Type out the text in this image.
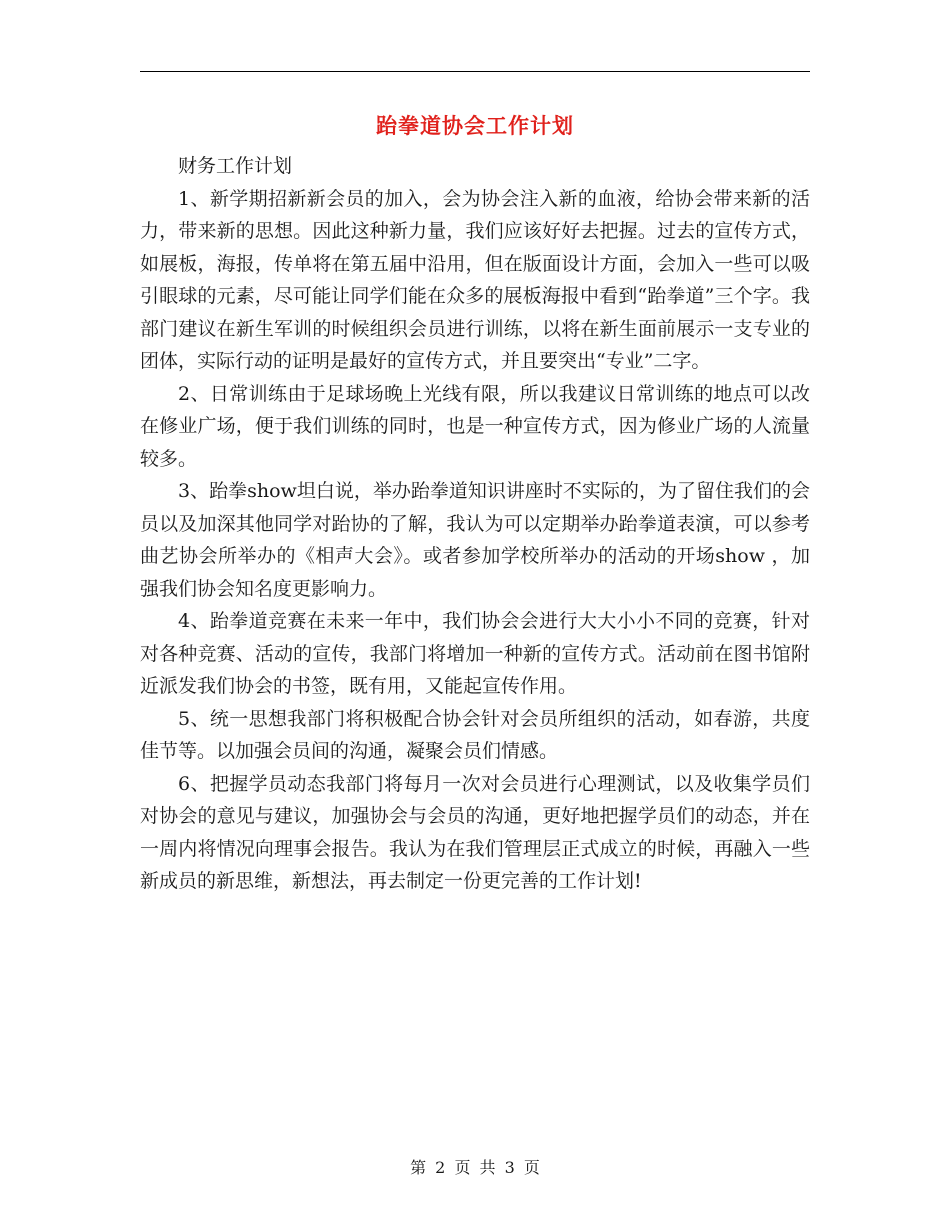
跆拳道协会工作计划

财务工作计划

1、新学期招新新会员的加入，会为协会注入新的血液，给协会带来新的活力，带来新的思想。因此这种新力量，我们应该好好去把握。过去的宣传方式，如展板，海报，传单将在第五届中沿用，但在版面设计方面，会加入一些可以吸引眼球的元素，尽可能让同学们能在众多的展板海报中看到“跆拳道”三个字。我部门建议在新生军训的时候组织会员进行训练，以将在新生面前展示一支专业的团体，实际行动的证明是最好的宣传方式，并且要突出“专业”二字。

2、日常训练由于足球场晚上光线有限，所以我建议日常训练的地点可以改在修业广场，便于我们训练的同时，也是一种宣传方式，因为修业广场的人流量较多。

3、跆拳show坦白说，举办跆拳道知识讲座时不实际的，为了留住我们的会员以及加深其他同学对跆协的了解，我认为可以定期举办跆拳道表演，可以参考曲艺协会所举办的《相声大会》。或者参加学校所举办的活动的开场show ，加强我们协会知名度更影响力。

4、跆拳道竞赛在未来一年中，我们协会会进行大大小小不同的竞赛，针对对各种竞赛、活动的宣传，我部门将增加一种新的宣传方式。活动前在图书馆附近派发我们协会的书签，既有用，又能起宣传作用。

5、统一思想我部门将积极配合协会针对会员所组织的活动，如春游，共度佳节等。以加强会员间的沟通，凝聚会员们情感。

6、把握学员动态我部门将每月一次对会员进行心理测试，以及收集学员们对协会的意见与建议，加强协会与会员的沟通，更好地把握学员们的动态，并在一周内将情况向理事会报告。我认为在我们管理层正式成立的时候，再融入一些新成员的新思维，新想法，再去制定一份更完善的工作计划!

第 2 页 共 3 页
